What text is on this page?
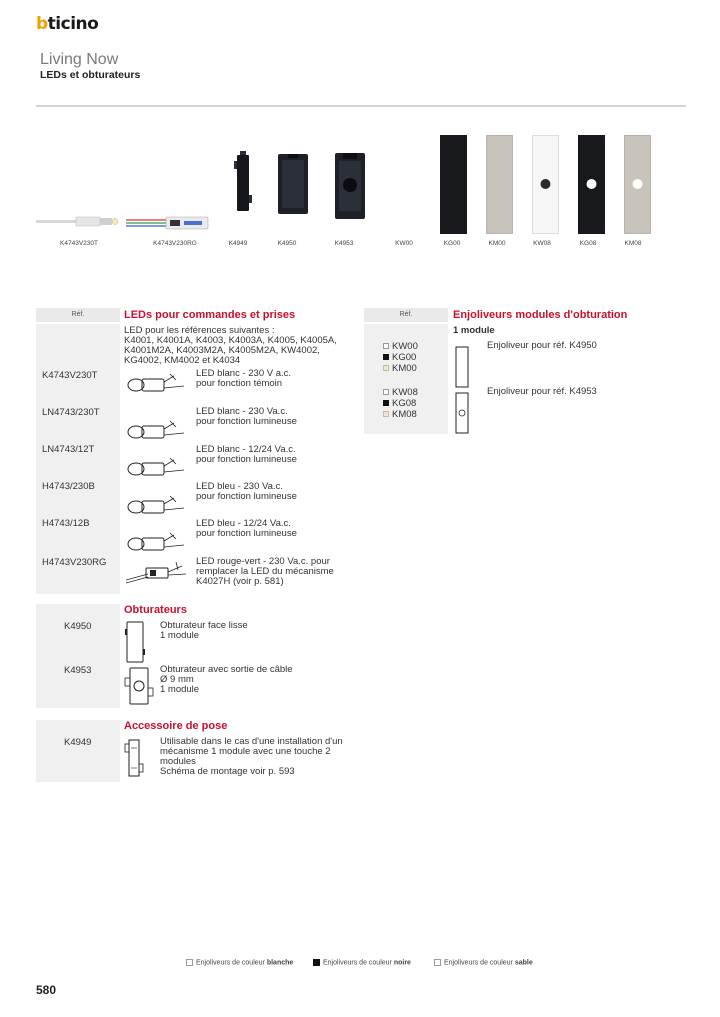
bticino
Living Now
LEDs et obturateurs
K4743V230T	K4743V230RG	K4949	K4950	K4953	KW00	KG00	KM00	KW08	KG08	KM08
Réf.	LEDs pour commandes et prises
LED pour les références suivantes :
K4001, K4001A, K4003, K4003A, K4005, K4005A,
K4001M2A, K4003M2A, K4005M2A, KW4002,
KG4002, KM4002 et K4034
K4743V230T	LED blanc - 230 V a.c.
pour fonction témoin
LN4743/230T	LED blanc - 230 Va.c.
pour fonction lumineuse
LN4743/12T	LED blanc - 12/24 Va.c.
pour fonction lumineuse
H4743/230B	LED bleu - 230 Va.c.
pour fonction lumineuse
H4743/12B	LED bleu - 12/24 Va.c.
pour fonction lumineuse
H4743V230RG	LED rouge-vert - 230 Va.c. pour
remplacer la LED du mécanisme
K4027H (voir p. 581)
Obturateurs
K4950	Obturateur face lisse
1 module
K4953	Obturateur avec sortie de câble
Ø 9 mm
1 module
Accessoire de pose
K4949	Utilisable dans le cas d'une installation d'un
mécanisme 1 module avec une touche 2
modules
Schéma de montage voir p. 593
Réf.	Enjoliveurs modules d'obturation
1 module
KW00
KG00
KM00
Enjoliveur pour réf. K4950
KW08
KG08
KM08
Enjoliveur pour réf. K4953
Enjoliveurs de couleur blanche	Enjoliveurs de couleur noire	Enjoliveurs de couleur sable
580
